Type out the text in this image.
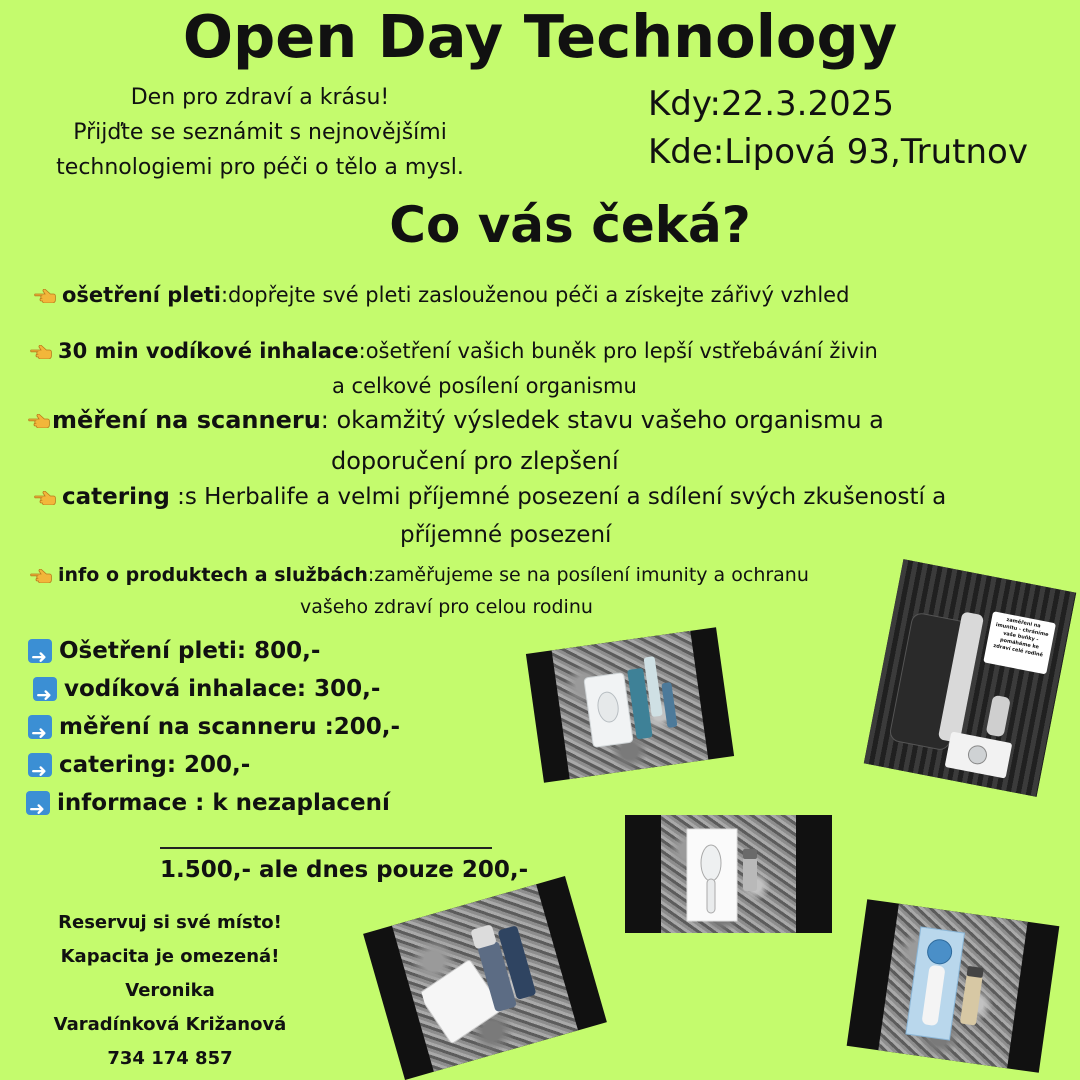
Open Day Technology
Den pro zdraví a krásu!
Přijďte se seznámit s nejnovějšími
technologiemi pro péči o tělo a mysl.
Kdy:22.3.2025
Kde:Lipová 93,Trutnov
Co vás čeká?
ošetření pleti:dopřejte své pleti zaslouženou péči a získejte zářivý vzhled
30 min vodíkové inhalace:ošetření vašich buněk pro lepší vstřebávání živin
a celkové posílení organismu
měření na scanneru: okamžitý výsledek stavu vašeho organismu a
doporučení pro zlepšení
catering :s Herbalife a velmi příjemné posezení a sdílení svých zkušeností a
příjemné posezení
info o produktech a službách:zaměřujeme se na posílení imunity a ochranu
vašeho zdraví pro celou rodinu
➜
Ošetření pleti: 800,-
➜
vodíková inhalace: 300,-
➜
měření na scanneru :200,-
➜
catering: 200,-
➜
informace : k nezaplacení
1.500,- ale dnes pouze 200,-
Reservuj si své místo!
Kapacita je omezená!
Veronika
Varadínková Križanová
734 174 857
zaměřeni na imunitu - chráníme vaše buňky - pomáháme ke zdraví celé rodině
